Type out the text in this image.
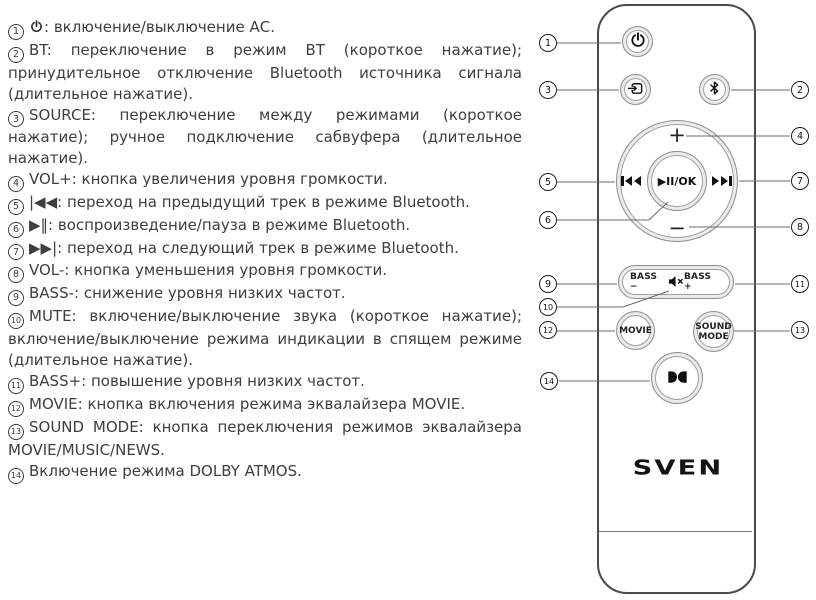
1 : включение/выключение АС.

2 BT: переключение в режим BT (короткое нажатие); принудительное отключение Bluetooth источника сигнала (длительное нажатие).

3 SOURCE: переключение между режимами (короткое нажатие); ручное подключение сабвуфера (длительное нажатие).

4 VOL+: кнопка увеличения уровня громкости.

5 |◀◀: переход на предыдущий трек в режиме Bluetooth.

6 ▶‖: воспроизведение/пауза в режиме Bluetooth.

7 ▶▶|: переход на следующий трек в режиме Bluetooth.

8 VOL-: кнопка уменьшения уровня громкости.

9 BASS-: снижение уровня низких частот.

10 MUTE: включение/выключение звука (короткое нажатие); включение/выключение режима индикации в спящем режиме (длительное нажатие).

11 BASS+: повышение уровня низких частот.

12 MOVIE: кнопка включения режима эквалайзера MOVIE.

13 SOUND MODE: кнопка переключения режимов эквалайзера MOVIE/MUSIC/NEWS.

14 Включение режима DOLBY ATMOS.

+
−
▶II/OK
BASS −
BASS +
MOVIE	SOUND
MODE
SVEN
1
2
3
4
5
6
7
8
9
10
11
12	13
14
